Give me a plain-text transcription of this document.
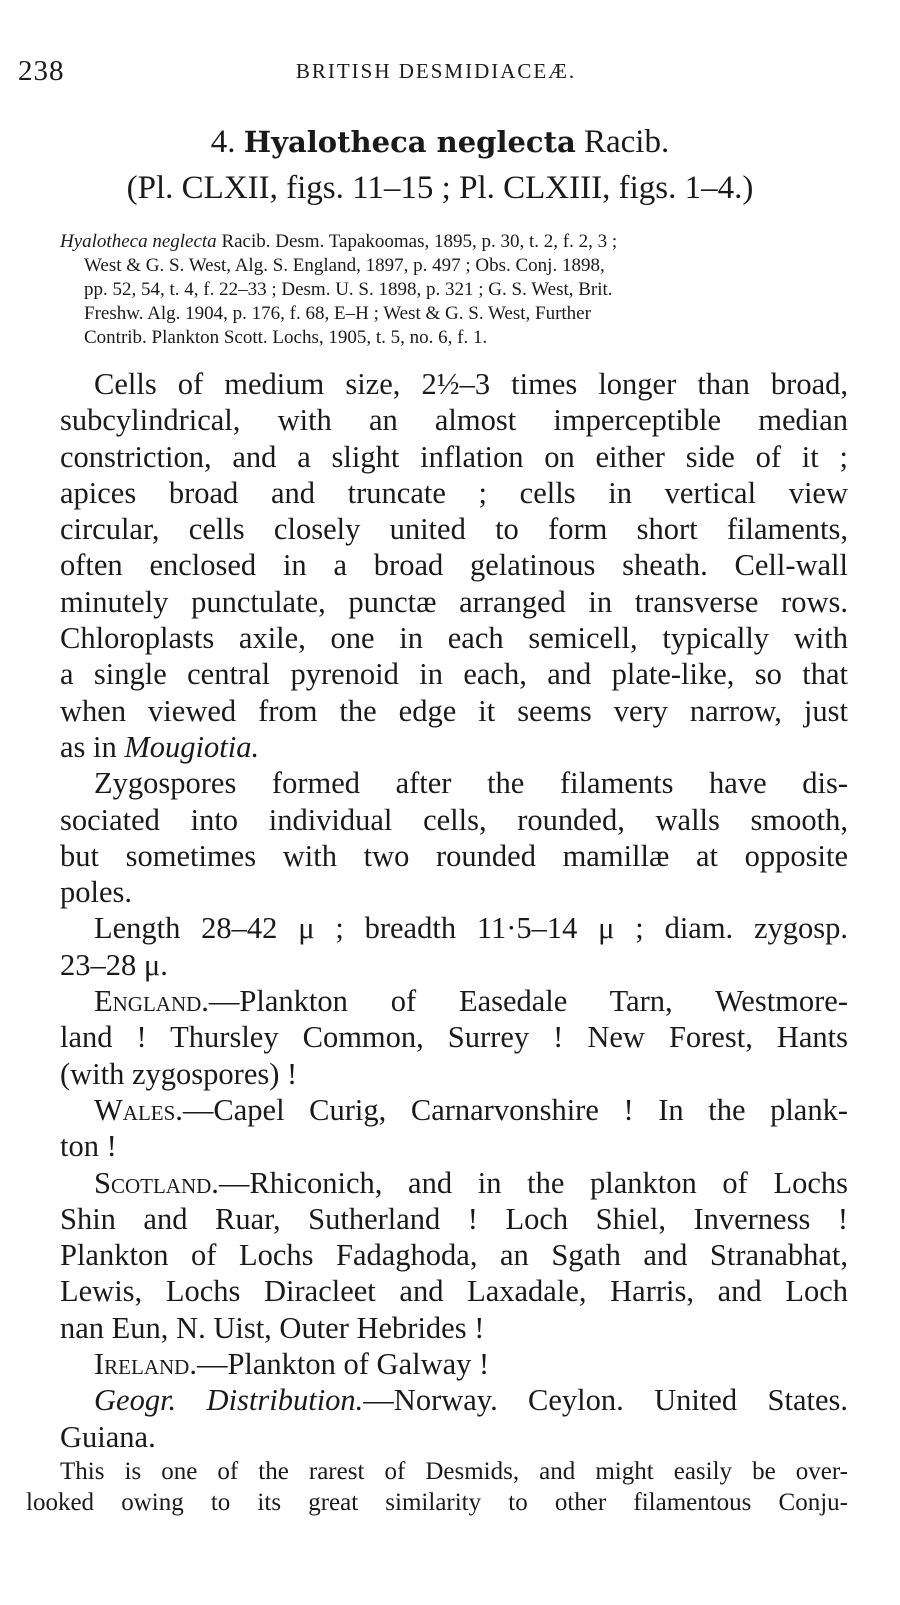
238	BRITISH DESMIDIACEÆ.
4. Hyalotheca neglecta Racib.
(Pl. CLXII, figs. 11–15 ; Pl. CLXIII, figs. 1–4.)
Hyalotheca neglecta Racib. Desm. Tapakoomas, 1895, p. 30, t. 2, f. 2, 3 ;
West & G. S. West, Alg. S. England, 1897, p. 497 ; Obs. Conj. 1898,
pp. 52, 54, t. 4, f. 22–33 ; Desm. U. S. 1898, p. 321 ; G. S. West, Brit.
Freshw. Alg. 1904, p. 176, f. 68, E–H ; West & G. S. West, Further
Contrib. Plankton Scott. Lochs, 1905, t. 5, no. 6, f. 1.

Cells of medium size, 2½–3 times longer than broad,
subcylindrical, with an almost imperceptible median
constriction, and a slight inflation on either side of it ;
apices broad and truncate ; cells in vertical view
circular, cells closely united to form short filaments,
often enclosed in a broad gelatinous sheath. Cell-wall
minutely punctulate, punctæ arranged in transverse rows.
Chloroplasts axile, one in each semicell, typically with
a single central pyrenoid in each, and plate-like, so that
when viewed from the edge it seems very narrow, just
as in Mougiotia.

Zygospores formed after the filaments have dis-
sociated into individual cells, rounded, walls smooth,
but sometimes with two rounded mamillæ at opposite
poles.

Length 28–42 μ ; breadth 11·5–14 μ ; diam. zygosp.
23–28 μ.

England.—Plankton of Easedale Tarn, Westmore-
land ! Thursley Common, Surrey ! New Forest, Hants
(with zygospores) !

Wales.—Capel Curig, Carnarvonshire ! In the plank-
ton !

Scotland.—Rhiconich, and in the plankton of Lochs
Shin and Ruar, Sutherland ! Loch Shiel, Inverness !
Plankton of Lochs Fadaghoda, an Sgath and Stranabhat,
Lewis, Lochs Diracleet and Laxadale, Harris, and Loch
nan Eun, N. Uist, Outer Hebrides !

Ireland.—Plankton of Galway !

Geogr. Distribution.—Norway. Ceylon. United States.
Guiana.

This is one of the rarest of Desmids, and might easily be over-
looked owing to its great similarity to other filamentous Conju-
